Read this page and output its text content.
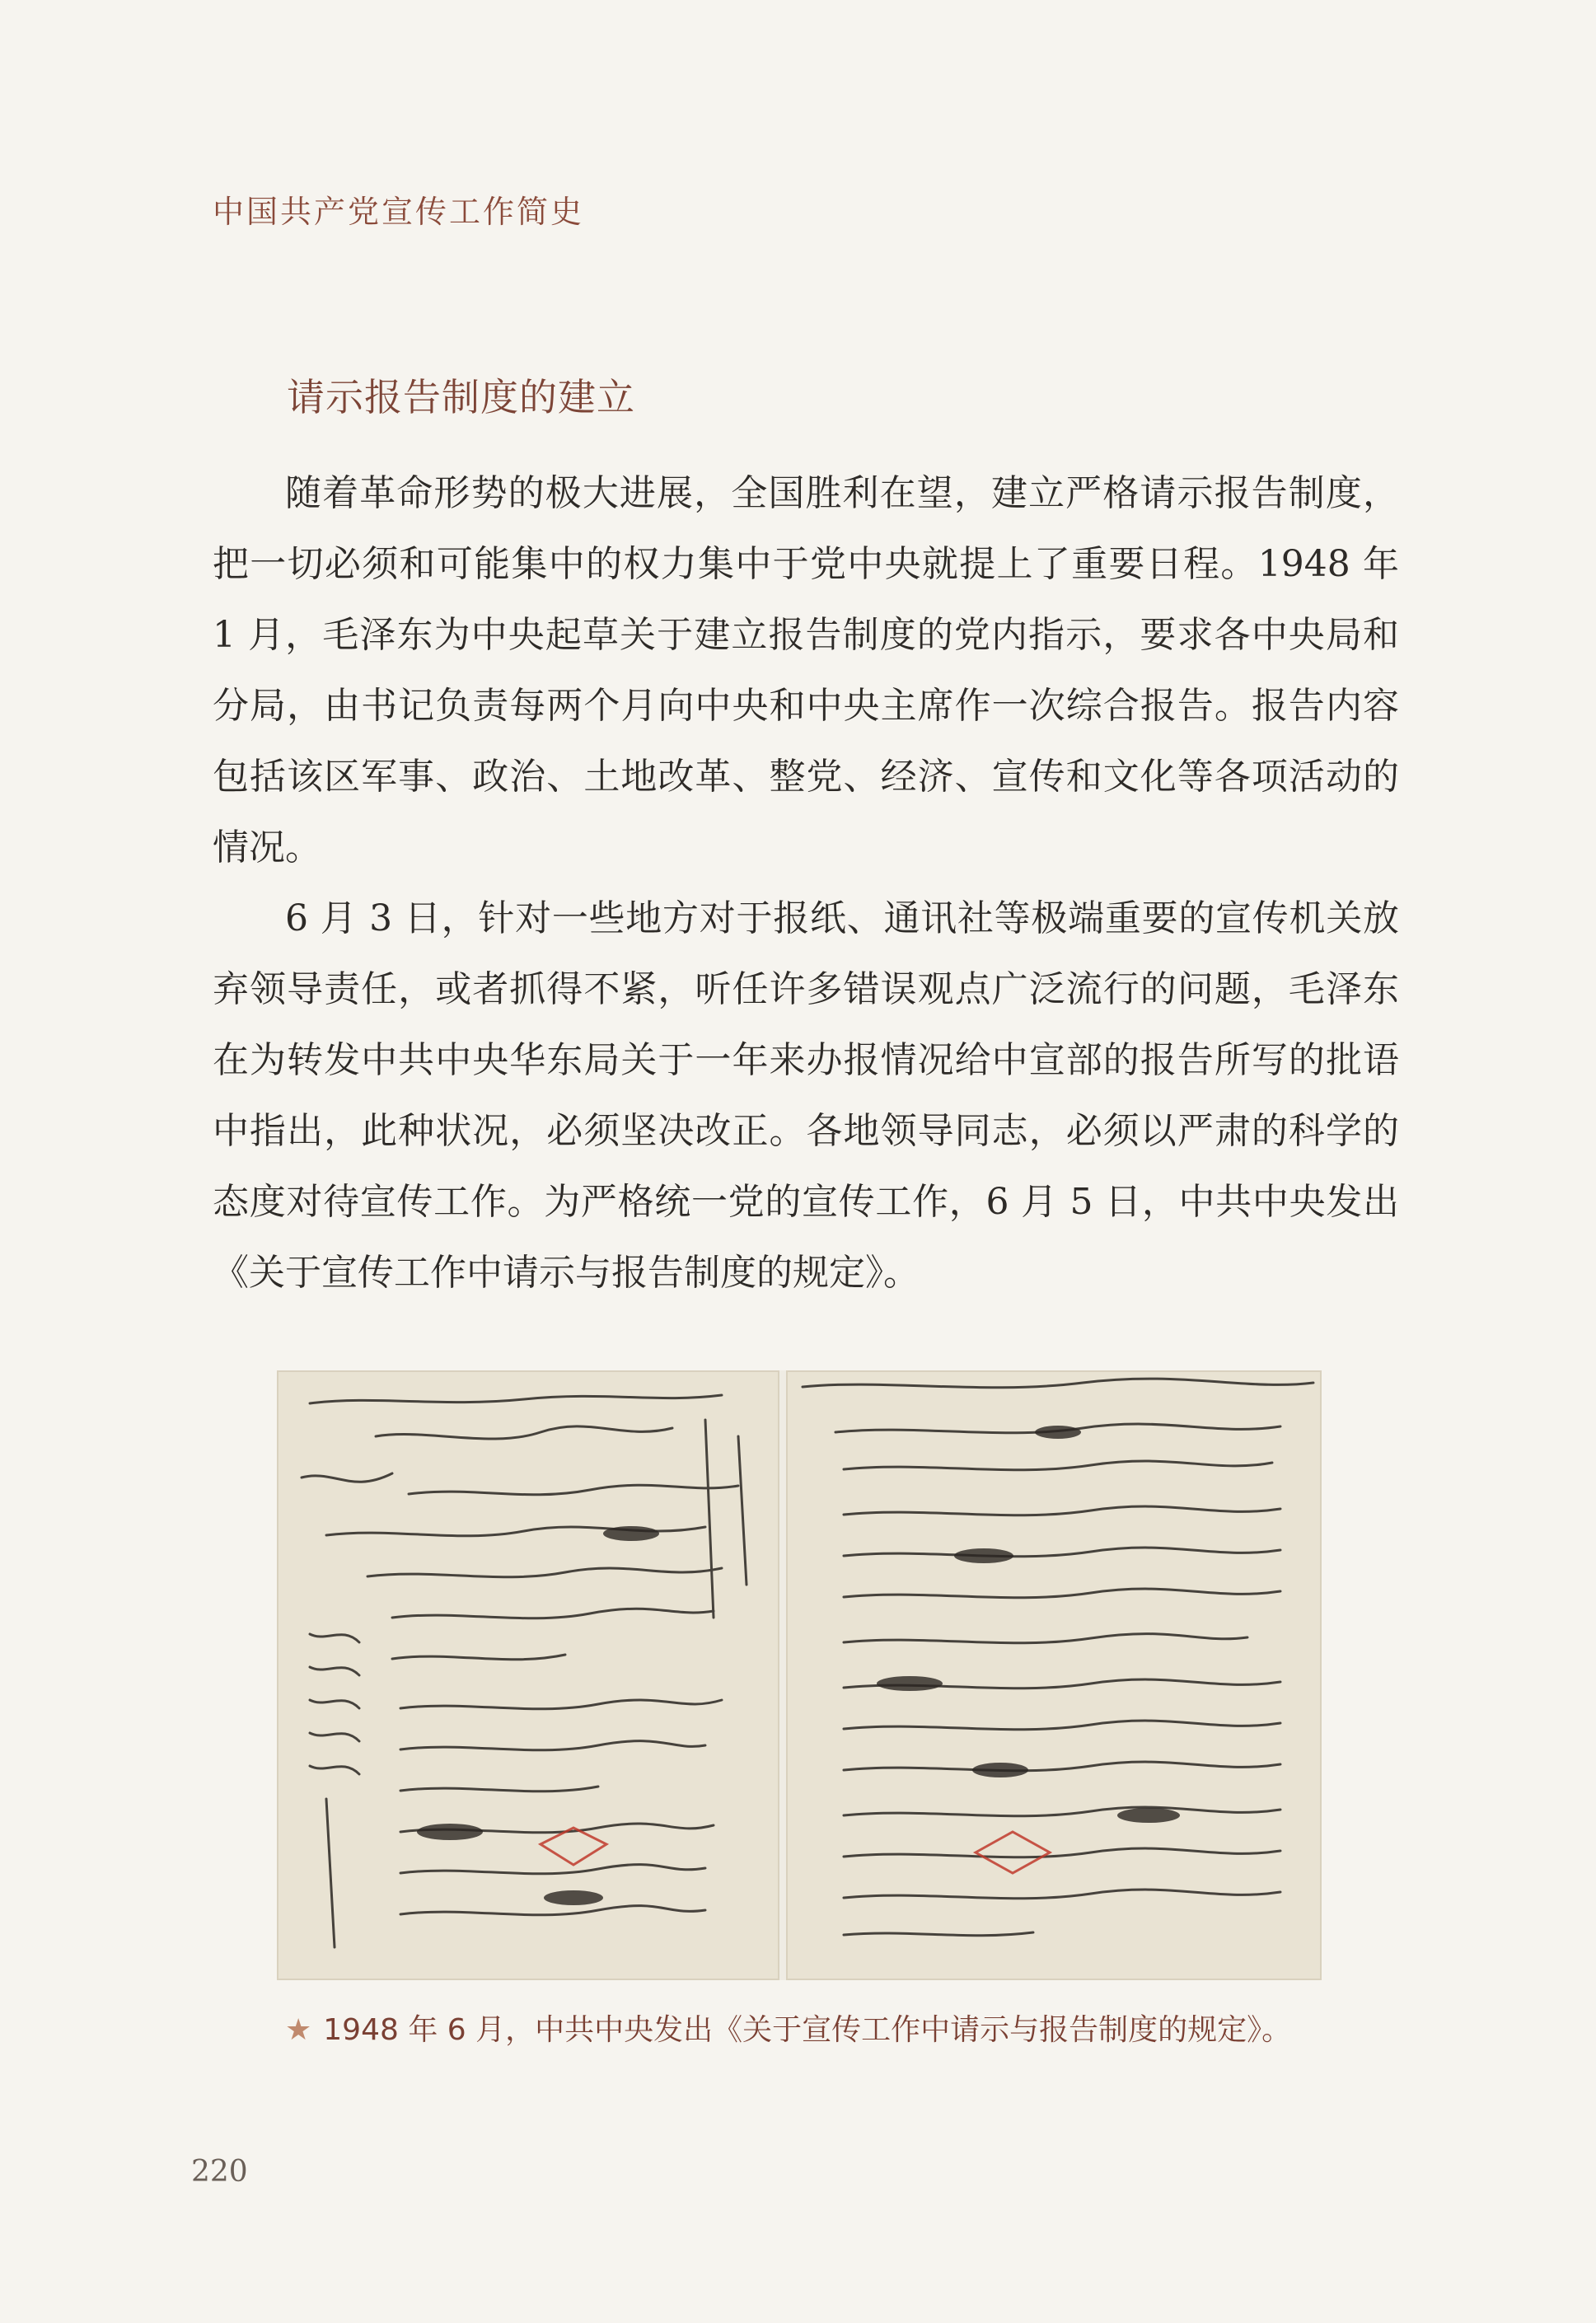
中国共产党宣传工作简史
请示报告制度的建立

随着革命形势的极大进展，全国胜利在望，建立严格请示报告制度，把一切必须和可能集中的权力集中于党中央就提上了重要日程。1948 年 1 月，毛泽东为中央起草关于建立报告制度的党内指示，要求各中央局和分局，由书记负责每两个月向中央和中央主席作一次综合报告。报告内容包括该区军事、政治、土地改革、整党、经济、宣传和文化等各项活动的情况。

6 月 3 日，针对一些地方对于报纸、通讯社等极端重要的宣传机关放弃领导责任，或者抓得不紧，听任许多错误观点广泛流行的问题，毛泽东在为转发中共中央华东局关于一年来办报情况给中宣部的报告所写的批语中指出，此种状况，必须坚决改正。各地领导同志，必须以严肃的科学的态度对待宣传工作。为严格统一党的宣传工作，6 月 5 日，中共中央发出《关于宣传工作中请示与报告制度的规定》。

★ 1948 年 6 月，中共中央发出《关于宣传工作中请示与报告制度的规定》。
220
